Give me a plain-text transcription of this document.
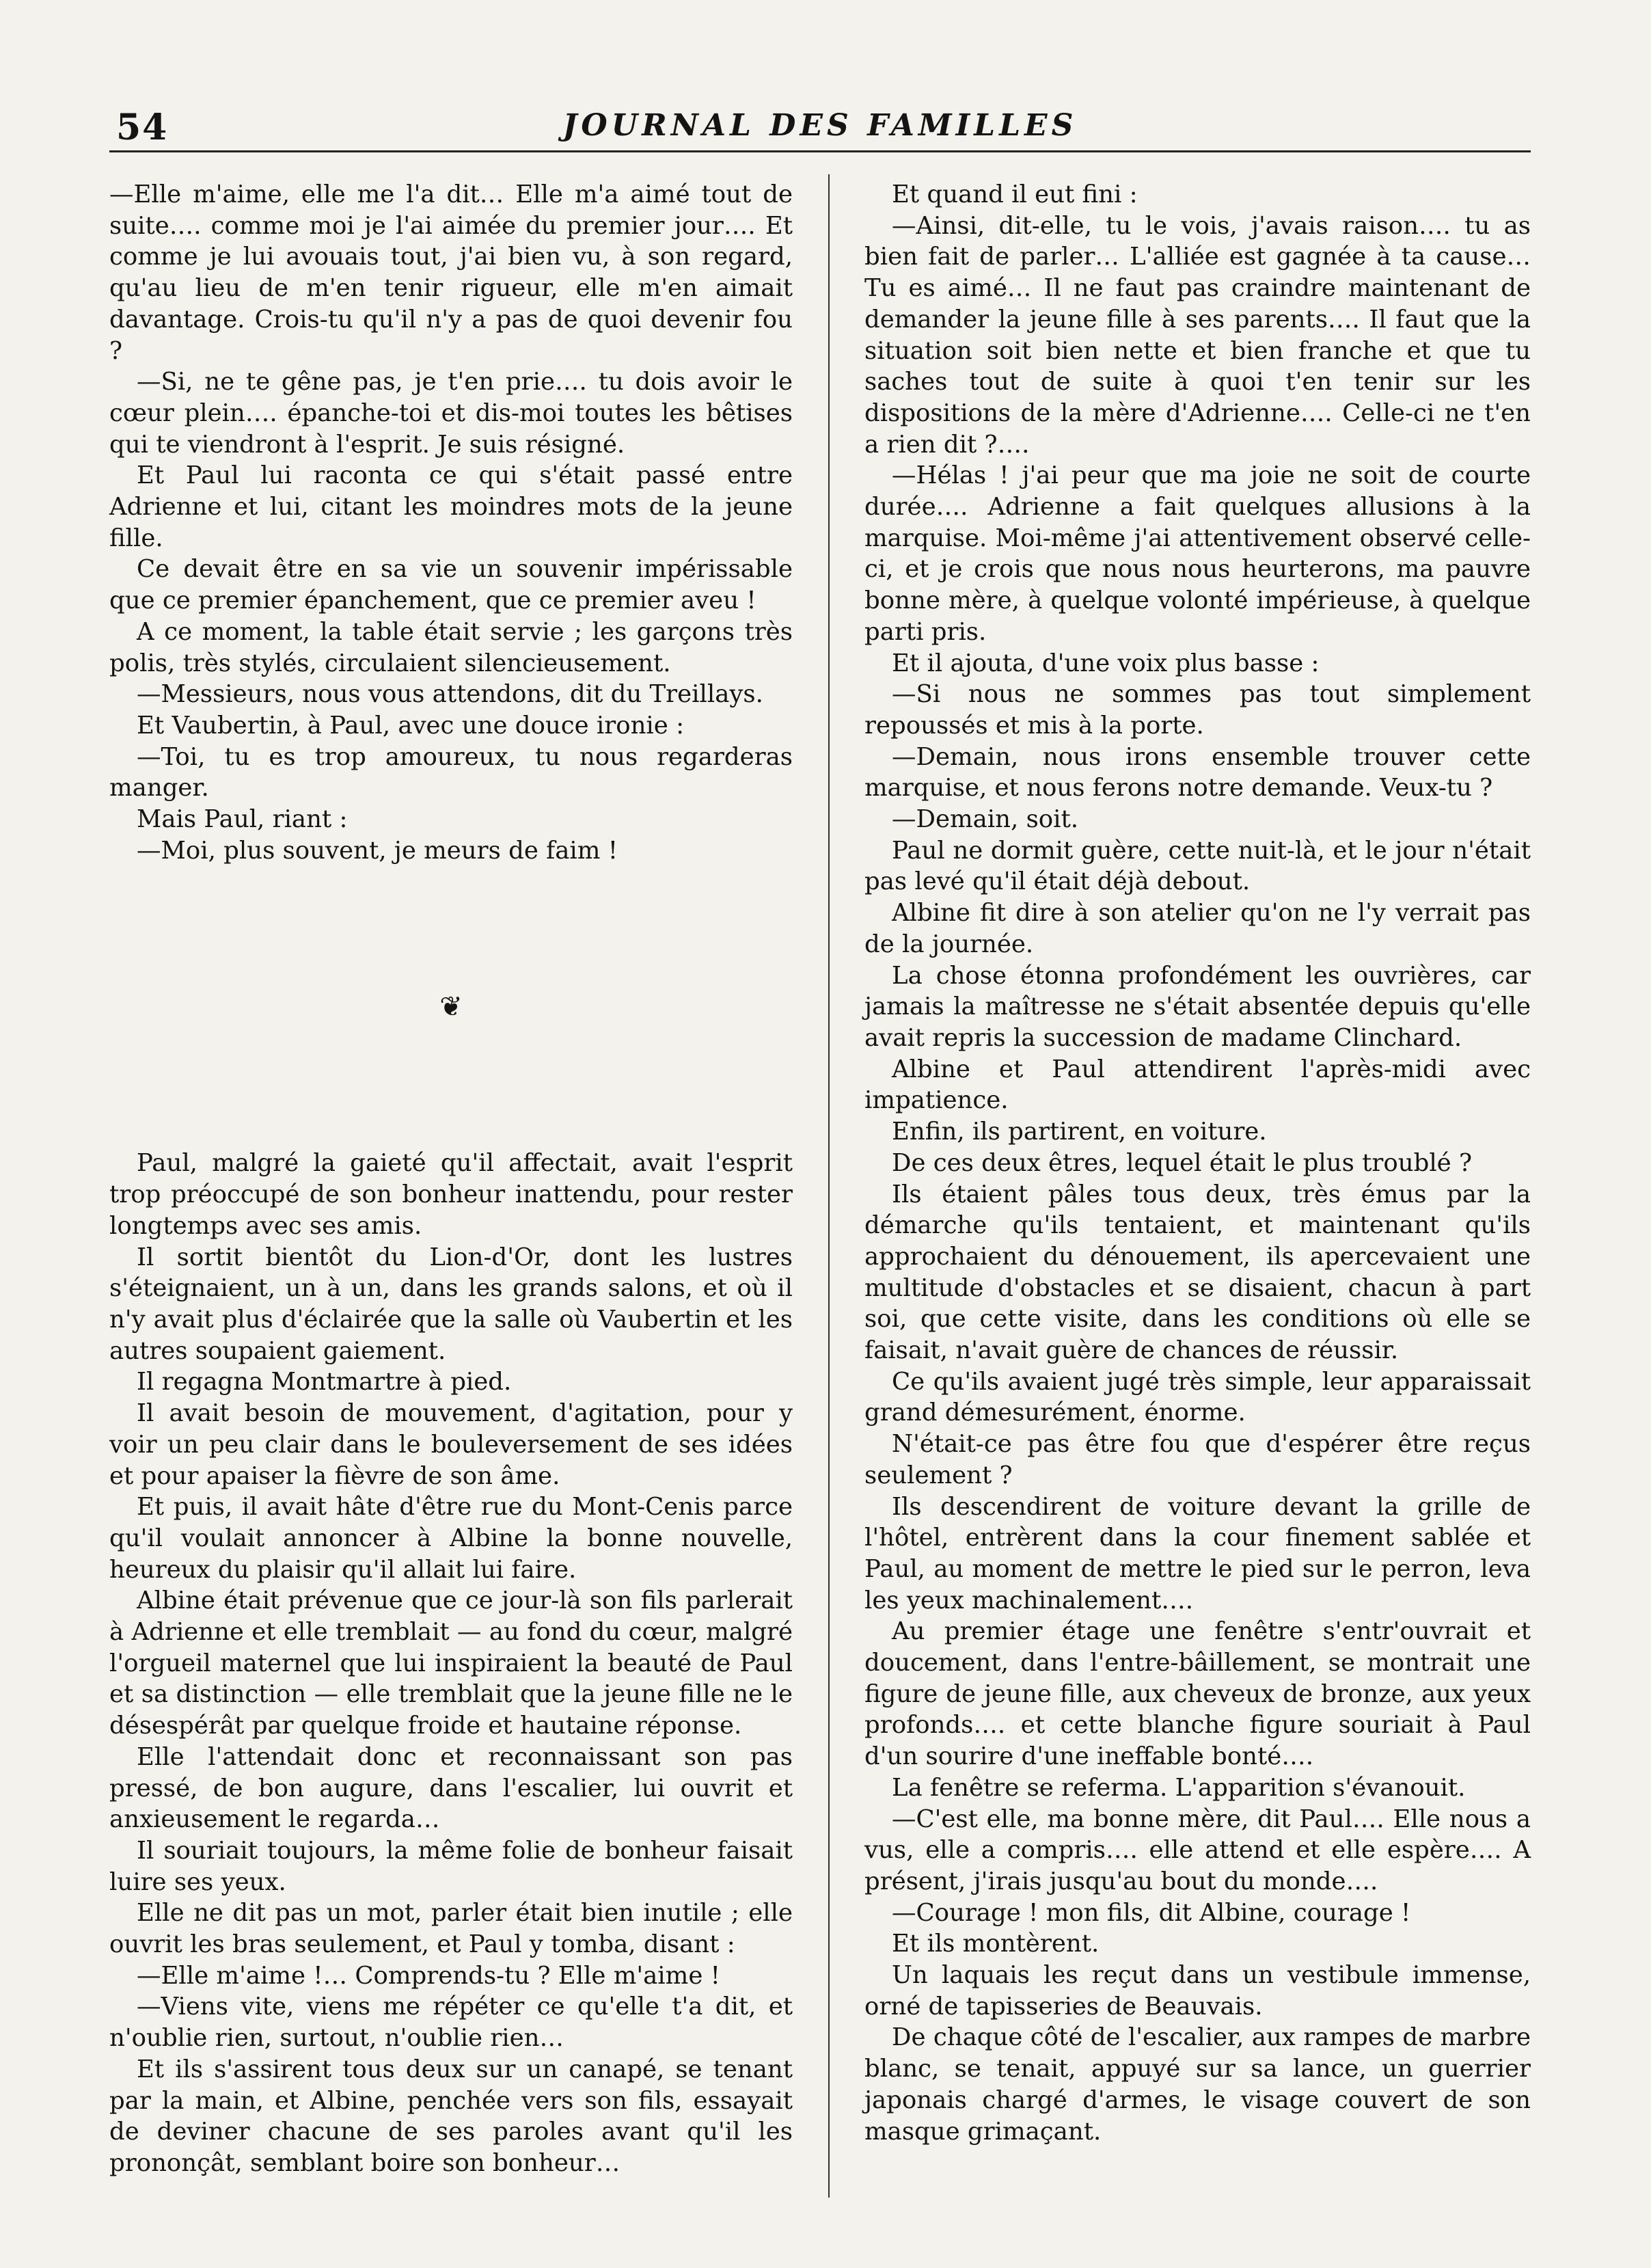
54	JOURNAL DES FAMILLES

—Elle m'aime, elle me l'a dit… Elle m'a aimé tout de suite…. comme moi je l'ai aimée du premier jour…. Et comme je lui avouais tout, j'ai bien vu, à son regard, qu'au lieu de m'en tenir rigueur, elle m'en aimait davantage. Crois-tu qu'il n'y a pas de quoi devenir fou ?

—Si, ne te gêne pas, je t'en prie…. tu dois avoir le cœur plein…. épanche-toi et dis-moi toutes les bêtises qui te viendront à l'esprit. Je suis résigné.

Et Paul lui raconta ce qui s'était passé entre Adrienne et lui, citant les moindres mots de la jeune fille.

Ce devait être en sa vie un souvenir impérissable que ce premier épanchement, que ce premier aveu !

A ce moment, la table était servie ; les garçons très polis, très stylés, circulaient silencieusement.

—Messieurs, nous vous attendons, dit du Treillays.

Et Vaubertin, à Paul, avec une douce ironie :

—Toi, tu es trop amoureux, tu nous regarderas manger.

Mais Paul, riant :

—Moi, plus souvent, je meurs de faim !

❦

Paul, malgré la gaieté qu'il affectait, avait l'esprit trop préoccupé de son bonheur inattendu, pour rester longtemps avec ses amis.

Il sortit bientôt du Lion-d'Or, dont les lustres s'éteignaient, un à un, dans les grands salons, et où il n'y avait plus d'éclairée que la salle où Vaubertin et les autres soupaient gaiement.

Il regagna Montmartre à pied.

Il avait besoin de mouvement, d'agitation, pour y voir un peu clair dans le bouleversement de ses idées et pour apaiser la fièvre de son âme.

Et puis, il avait hâte d'être rue du Mont-Cenis parce qu'il voulait annoncer à Albine la bonne nouvelle, heureux du plaisir qu'il allait lui faire.

Albine était prévenue que ce jour-là son fils parlerait à Adrienne et elle tremblait — au fond du cœur, malgré l'orgueil maternel que lui inspiraient la beauté de Paul et sa distinction — elle tremblait que la jeune fille ne le désespérât par quelque froide et hautaine réponse.

Elle l'attendait donc et reconnaissant son pas pressé, de bon augure, dans l'escalier, lui ouvrit et anxieusement le regarda…

Il souriait toujours, la même folie de bonheur faisait luire ses yeux.

Elle ne dit pas un mot, parler était bien inutile ; elle ouvrit les bras seulement, et Paul y tomba, disant :

—Elle m'aime !… Comprends-tu ? Elle m'aime !

—Viens vite, viens me répéter ce qu'elle t'a dit, et n'oublie rien, surtout, n'oublie rien…

Et ils s'assirent tous deux sur un canapé, se tenant par la main, et Albine, penchée vers son fils, essayait de deviner chacune de ses paroles avant qu'il les prononçât, semblant boire son bonheur…

Et quand il eut fini :

—Ainsi, dit-elle, tu le vois, j'avais raison…. tu as bien fait de parler… L'alliée est gagnée à ta cause… Tu es aimé… Il ne faut pas craindre maintenant de demander la jeune fille à ses parents…. Il faut que la situation soit bien nette et bien franche et que tu saches tout de suite à quoi t'en tenir sur les dispositions de la mère d'Adrienne…. Celle-ci ne t'en a rien dit ?….

—Hélas ! j'ai peur que ma joie ne soit de courte durée…. Adrienne a fait quelques allusions à la marquise. Moi-même j'ai attentivement observé celle-ci, et je crois que nous nous heurterons, ma pauvre bonne mère, à quelque volonté impérieuse, à quelque parti pris.

Et il ajouta, d'une voix plus basse :

—Si nous ne sommes pas tout simplement repoussés et mis à la porte.

—Demain, nous irons ensemble trouver cette marquise, et nous ferons notre demande. Veux-tu ?

—Demain, soit.

Paul ne dormit guère, cette nuit-là, et le jour n'était pas levé qu'il était déjà debout.

Albine fit dire à son atelier qu'on ne l'y verrait pas de la journée.

La chose étonna profondément les ouvrières, car jamais la maîtresse ne s'était absentée depuis qu'elle avait repris la succession de madame Clinchard.

Albine et Paul attendirent l'après-midi avec impatience.

Enfin, ils partirent, en voiture.

De ces deux êtres, lequel était le plus troublé ?

Ils étaient pâles tous deux, très émus par la démarche qu'ils tentaient, et maintenant qu'ils approchaient du dénouement, ils apercevaient une multitude d'obstacles et se disaient, chacun à part soi, que cette visite, dans les conditions où elle se faisait, n'avait guère de chances de réussir.

Ce qu'ils avaient jugé très simple, leur apparaissait grand démesurément, énorme.

N'était-ce pas être fou que d'espérer être reçus seulement ?

Ils descendirent de voiture devant la grille de l'hôtel, entrèrent dans la cour finement sablée et Paul, au moment de mettre le pied sur le perron, leva les yeux machinalement….

Au premier étage une fenêtre s'entr'ouvrait et doucement, dans l'entre-bâillement, se montrait une figure de jeune fille, aux cheveux de bronze, aux yeux profonds…. et cette blanche figure souriait à Paul d'un sourire d'une ineffable bonté….

La fenêtre se referma. L'apparition s'évanouit.

—C'est elle, ma bonne mère, dit Paul…. Elle nous a vus, elle a compris…. elle attend et elle espère…. A présent, j'irais jusqu'au bout du monde….

—Courage ! mon fils, dit Albine, courage !

Et ils montèrent.

Un laquais les reçut dans un vestibule immense, orné de tapisseries de Beauvais.

De chaque côté de l'escalier, aux rampes de marbre blanc, se tenait, appuyé sur sa lance, un guerrier japonais chargé d'armes, le visage couvert de son masque grimaçant.
